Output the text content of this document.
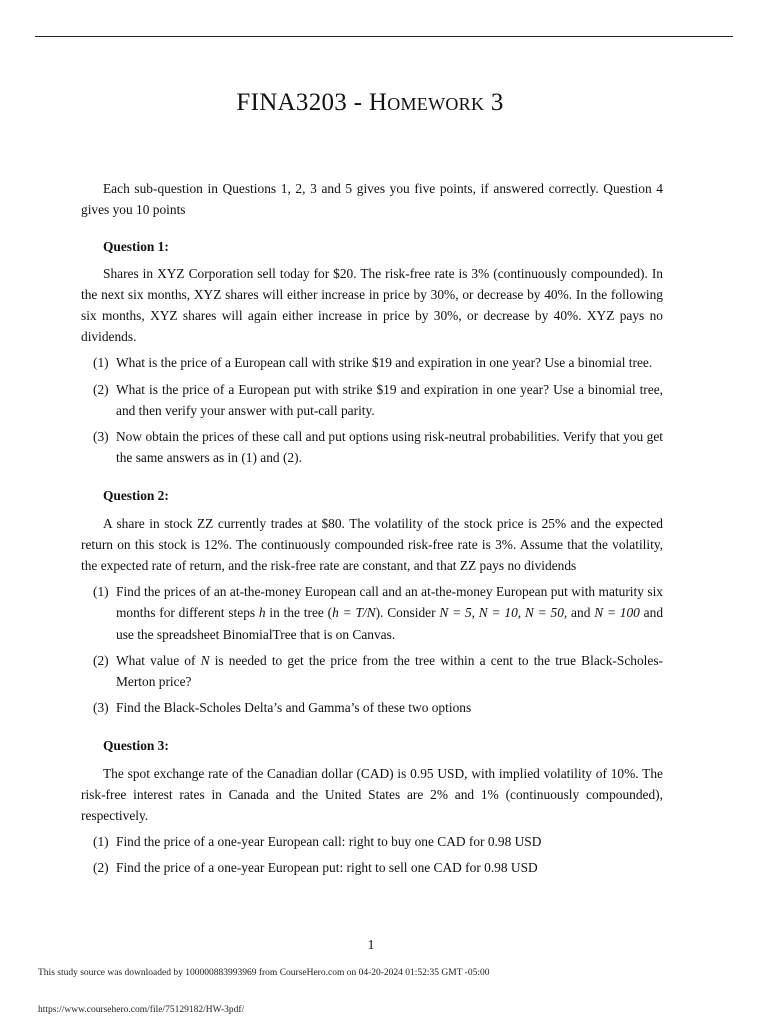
FINA3203 - Homework 3

Each sub-question in Questions 1, 2, 3 and 5 gives you five points, if answered correctly. Question 4 gives you 10 points

Question 1:

Shares in XYZ Corporation sell today for $20. The risk-free rate is 3% (continuously compounded). In the next six months, XYZ shares will either increase in price by 30%, or decrease by 40%. In the following six months, XYZ shares will again either increase in price by 30%, or decrease by 40%. XYZ pays no dividends.

(1) What is the price of a European call with strike $19 and expiration in one year? Use a binomial tree.
(2) What is the price of a European put with strike $19 and expiration in one year? Use a binomial tree, and then verify your answer with put-call parity.
(3) Now obtain the prices of these call and put options using risk-neutral probabilities. Verify that you get the same answers as in (1) and (2).

Question 2:

A share in stock ZZ currently trades at $80. The volatility of the stock price is 25% and the expected return on this stock is 12%. The continuously compounded risk-free rate is 3%. Assume that the volatility, the expected rate of return, and the risk-free rate are constant, and that ZZ pays no dividends

(1) Find the prices of an at-the-money European call and an at-the-money European put with maturity six months for different steps h in the tree (h = T/N). Consider N = 5, N = 10, N = 50, and N = 100 and use the spreadsheet BinomialTree that is on Canvas.
(2) What value of N is needed to get the price from the tree within a cent to the true Black-Scholes-Merton price?
(3) Find the Black-Scholes Delta’s and Gamma’s of these two options

Question 3:

The spot exchange rate of the Canadian dollar (CAD) is 0.95 USD, with implied volatility of 10%. The risk-free interest rates in Canada and the United States are 2% and 1% (continuously compounded), respectively.

(1) Find the price of a one-year European call: right to buy one CAD for 0.98 USD
(2) Find the price of a one-year European put: right to sell one CAD for 0.98 USD
1
This study source was downloaded by 100000883993969 from CourseHero.com on 04-20-2024 01:52:35 GMT -05:00
https://www.coursehero.com/file/75129182/HW-3pdf/
